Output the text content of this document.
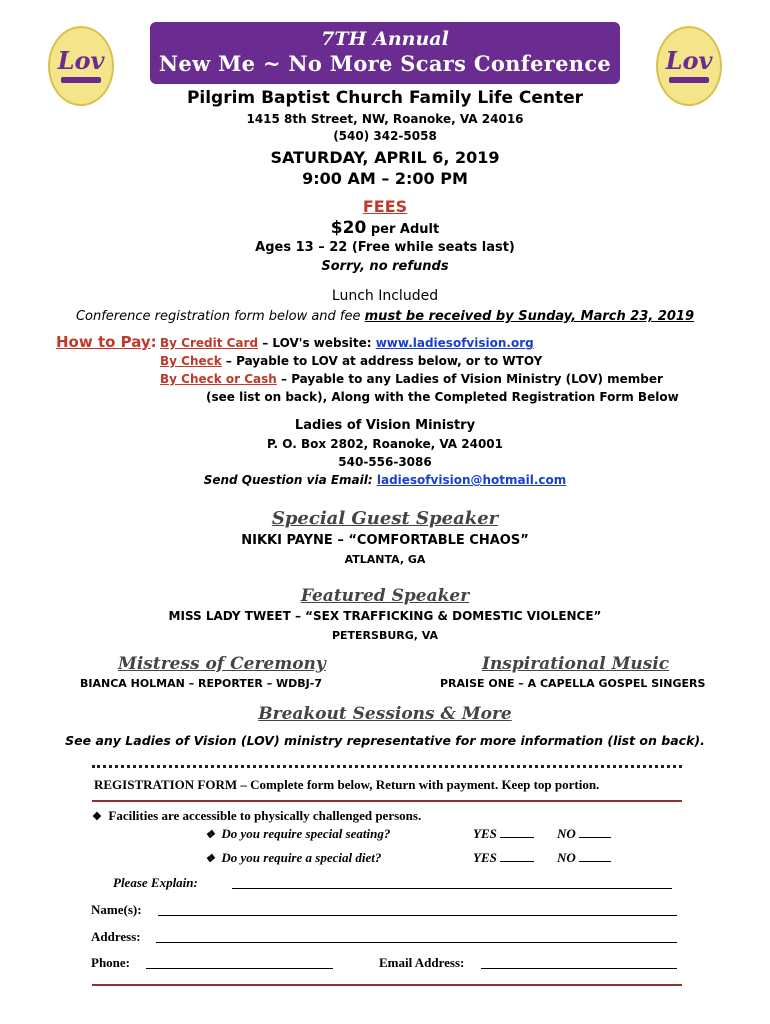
Lov	Lov
7TH Annual
New Me ~ No More Scars Conference
Pilgrim Baptist Church Family Life Center
1415 8th Street, NW, Roanoke, VA 24016
(540) 342-5058
SATURDAY, APRIL 6, 2019
9:00 AM – 2:00 PM
FEES
$20 per Adult
Ages 13 – 22 (Free while seats last)
Sorry, no refunds
Lunch Included
Conference registration form below and fee must be received by Sunday, March 23, 2019
How to Pay: By Credit Card – LOV's website: www.ladiesofvision.org
By Check – Payable to LOV at address below, or to WTOY
By Check or Cash – Payable to any Ladies of Vision Ministry (LOV) member
(see list on back), Along with the Completed Registration Form Below
Ladies of Vision Ministry
P. O. Box 2802, Roanoke, VA 24001
540-556-3086
Send Question via Email: ladiesofvision@hotmail.com
Special Guest Speaker
NIKKI PAYNE – “COMFORTABLE CHAOS”
ATLANTA, GA
Featured Speaker
MISS LADY TWEET – “SEX TRAFFICKING & DOMESTIC VIOLENCE”
PETERSBURG, VA
Mistress of Ceremony
BIANCA HOLMAN – REPORTER – WDBJ-7
Inspirational Music
PRAISE ONE – A CAPELLA GOSPEL SINGERS
Breakout Sessions & More
See any Ladies of Vision (LOV) ministry representative for more information (list on back).
REGISTRATION FORM – Complete form below, Return with payment. Keep top portion.
❖ Facilities are accessible to physically challenged persons.
❖ Do you require special seating?	YES	NO
❖ Do you require a special diet?	YES	NO
Please Explain:
Name(s):
Address:
Phone:	Email Address:
